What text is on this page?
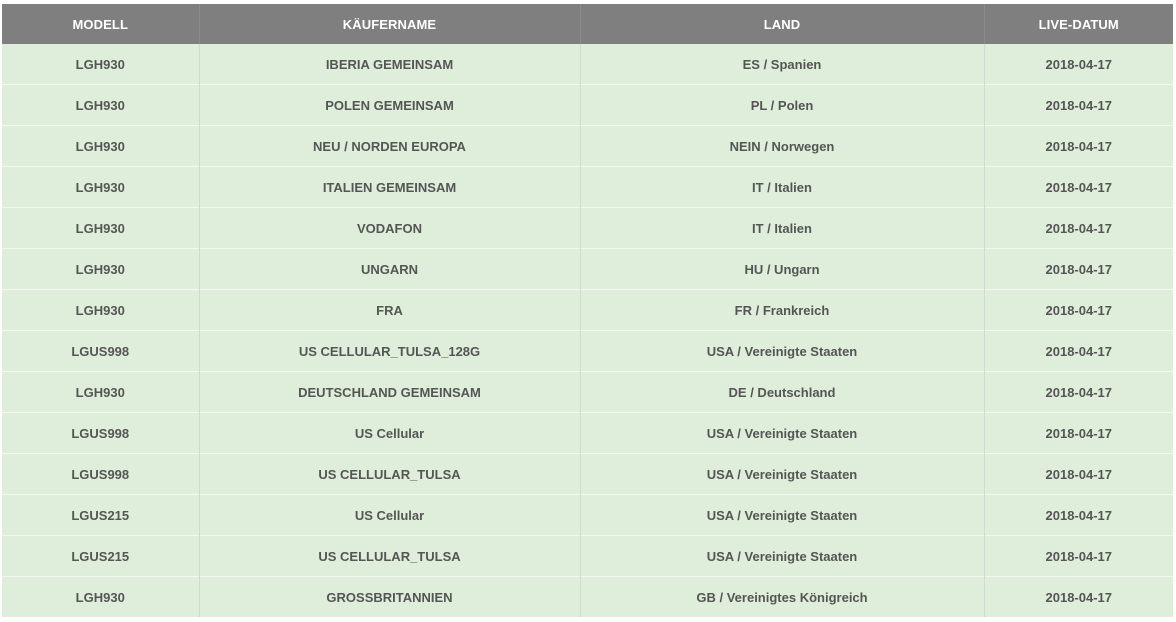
MODELL	KÄUFERNAME	LAND	LIVE-DATUM
LGH930	IBERIA GEMEINSAM	ES / Spanien	2018-04-17
LGH930	POLEN GEMEINSAM	PL / Polen	2018-04-17
LGH930	NEU / NORDEN EUROPA	NEIN / Norwegen	2018-04-17
LGH930	ITALIEN GEMEINSAM	IT / Italien	2018-04-17
LGH930	VODAFON	IT / Italien	2018-04-17
LGH930	UNGARN	HU / Ungarn	2018-04-17
LGH930	FRA	FR / Frankreich	2018-04-17
LGUS998	US CELLULAR_TULSA_128G	USA / Vereinigte Staaten	2018-04-17
LGH930	DEUTSCHLAND GEMEINSAM	DE / Deutschland	2018-04-17
LGUS998	US Cellular	USA / Vereinigte Staaten	2018-04-17
LGUS998	US CELLULAR_TULSA	USA / Vereinigte Staaten	2018-04-17
LGUS215	US Cellular	USA / Vereinigte Staaten	2018-04-17
LGUS215	US CELLULAR_TULSA	USA / Vereinigte Staaten	2018-04-17
LGH930	GROSSBRITANNIEN	GB / Vereinigtes Königreich	2018-04-17
